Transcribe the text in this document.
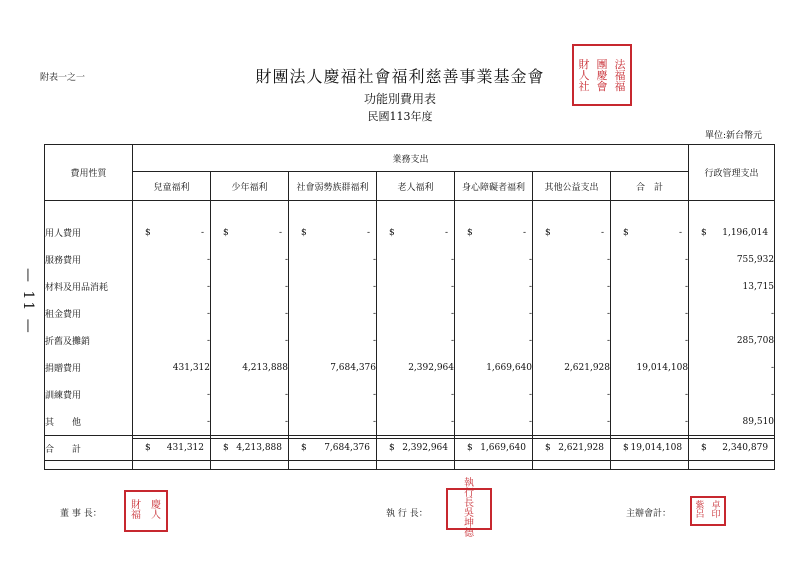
附表一之一	財團法人慶福社會福利慈善事業基金會
功能別費用表
民國113年度
單位:新台幣元
— 11 —
財 團 法
人 慶 福
社 會 福
費用性質	業務支出							行政管理支出
	兒童福利	少年福利	社會弱勢族群福利	老人福利	身心障礙者福利	其他公益支出	合　計	

用人費用	$ -	$ -	$ -	$ -	$ -	$ -	$ -	$ 1,196,014

服務費用	-	-	-	-	-	-	-	755,932
材料及用品消耗	-	-	-	-	-	-	-	13,715
租金費用	-	-	-	-	-	-	-	-
折舊及攤銷	-	-	-	-	-	-	-	285,708
捐贈費用	431,312	4,213,888	7,684,376	2,392,964	1,669,640	2,621,928	19,014,108	-
訓練費用	-	-	-	-	-	-	-	-
其　　他	-	-	-	-	-	-	-	89,510
合　　計	$ 431,312	$ 4,213,888	$ 7,684,376	$ 2,392,964	$ 1,669,640	$ 2,621,928	$ 19,014,108	$ 2,340,879

董 事 長：
財	慶
福	人	執 行 長：
執
行
長
吳
坤
德
主辦會計：
紫 卓
呂 印
